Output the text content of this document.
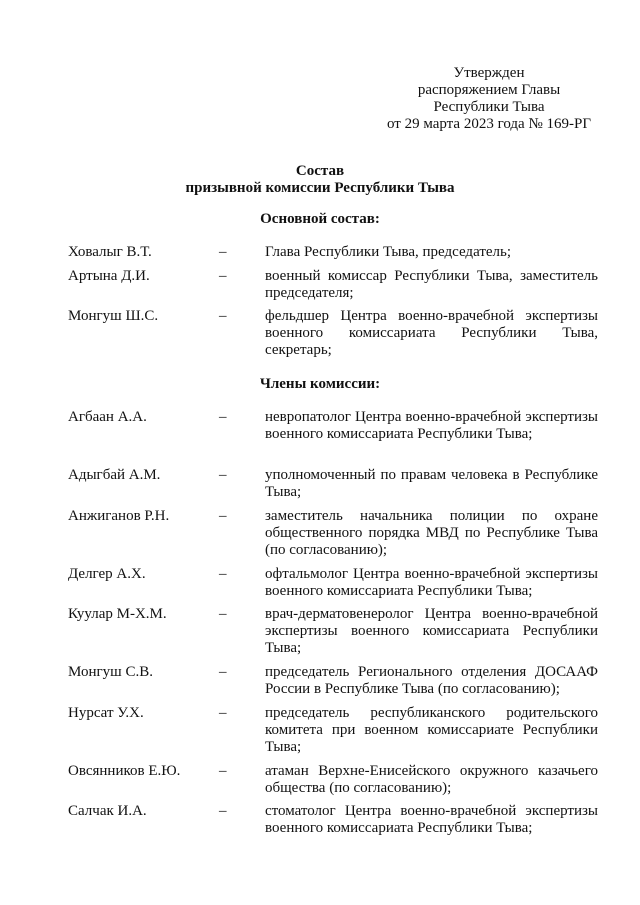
Утвержден
распоряжением Главы
Республики Тыва
от 29 марта 2023 года № 169-РГ
Состав
призывной комиссии Республики Тыва
Основной состав:
Ховалыг В.Т.	–	Глава Республики Тыва, председатель;
Артына Д.И.	–	военный комиссар Республики Тыва, заместитель председателя;
Монгуш Ш.С.	–	фельдшер Центра военно-врачебной экспертизы военного комиссариата Республики Тыва, секретарь;
Члены комиссии:
Агбаан А.А.	–	невропатолог Центра военно-врачебной экспертизы военного комиссариата Республики Тыва;
Адыгбай А.М.	–	уполномоченный по правам человека в Республике Тыва;
Анжиганов Р.Н.	–	заместитель начальника полиции по охране общественного порядка МВД по Республике Тыва (по согласованию);
Делгер А.Х.	–	офтальмолог Центра военно-врачебной экспертизы военного комиссариата Республики Тыва;
Куулар М-Х.М.	–	врач-дерматовенеролог Центра военно-врачебной экспертизы военного комиссариата Республики Тыва;
Монгуш С.В.	–	председатель Регионального отделения ДОСААФ России в Республике Тыва (по согласованию);
Нурсат У.Х.	–	председатель республиканского родительского комитета при военном комиссариате Республики Тыва;
Овсянников Е.Ю.	–	атаман Верхне-Енисейского окружного казачьего общества (по согласованию);
Салчак И.А.	–	стоматолог Центра военно-врачебной экспертизы военного комиссариата Республики Тыва;
